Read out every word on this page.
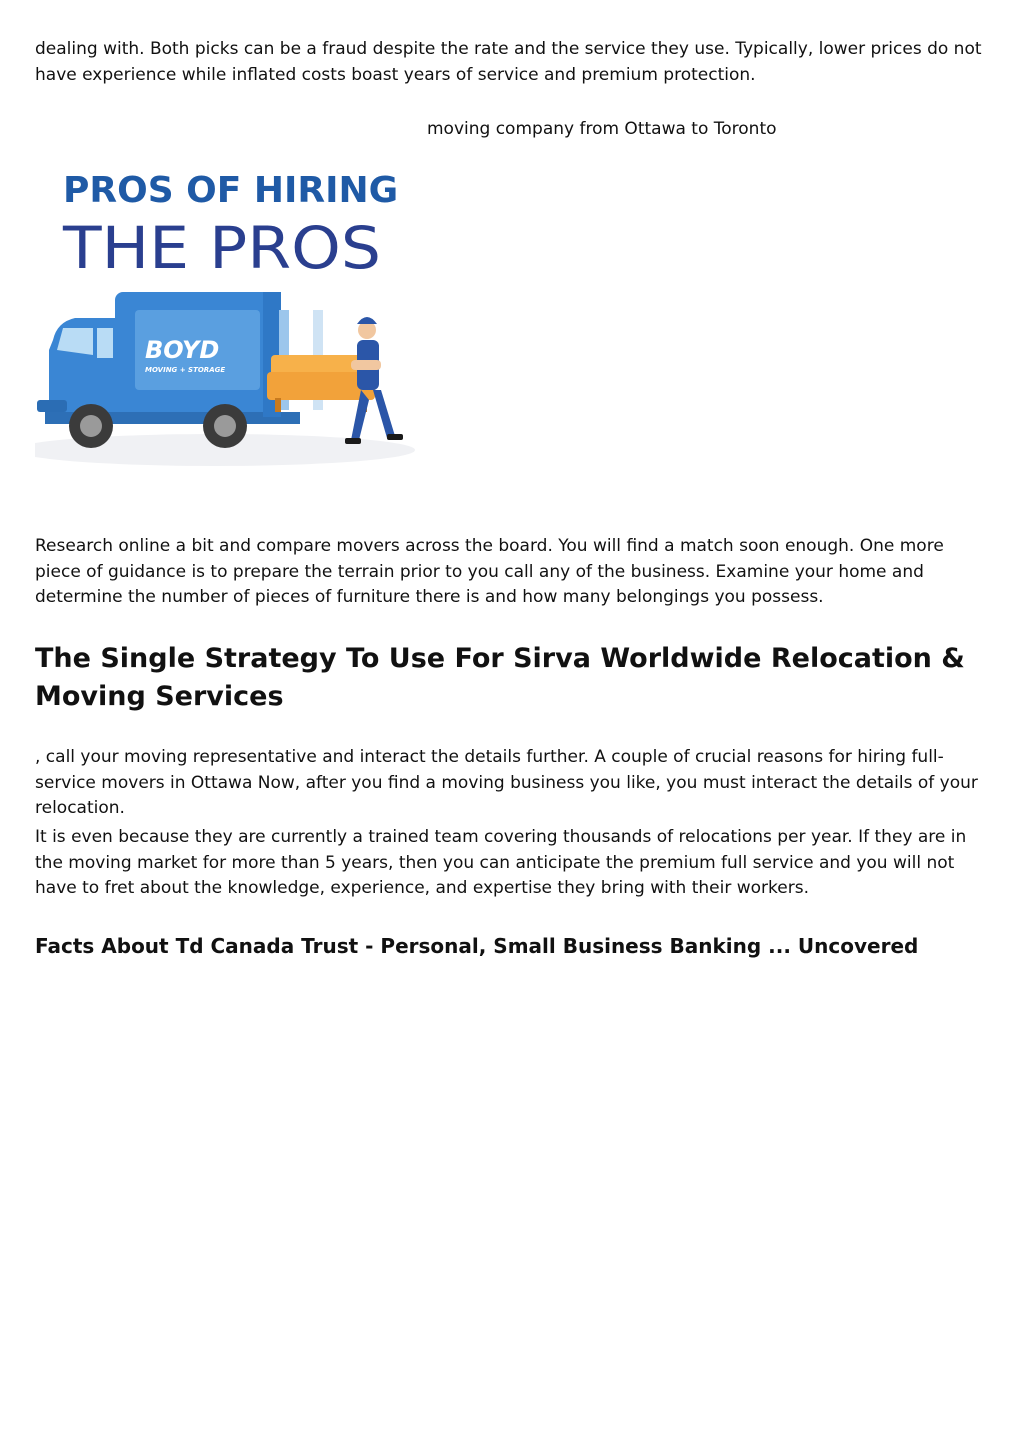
dealing with. Both picks can be a fraud despite the rate and the service they use. Typically, lower prices do not have experience while inflated costs boast years of service and premium protection.

moving company from Ottawa to Toronto
PROS OF HIRING
THE PROS
BOYD
MOVING + STORAGE

Research online a bit and compare movers across the board. You will find a match soon enough. One more piece of guidance is to prepare the terrain prior to you call any of the business. Examine your home and determine the number of pieces of furniture there is and how many belongings you possess.

The Single Strategy To Use For Sirva Worldwide Relocation & Moving Services

, call your moving representative and interact the details further. A couple of crucial reasons for hiring full-service movers in Ottawa Now, after you find a moving business you like, you must interact the details of your relocation.

It is even because they are currently a trained team covering thousands of relocations per year. If they are in the moving market for more than 5 years, then you can anticipate the premium full service and you will not have to fret about the knowledge, experience, and expertise they bring with their workers.

Facts About Td Canada Trust - Personal, Small Business Banking ... Uncovered
